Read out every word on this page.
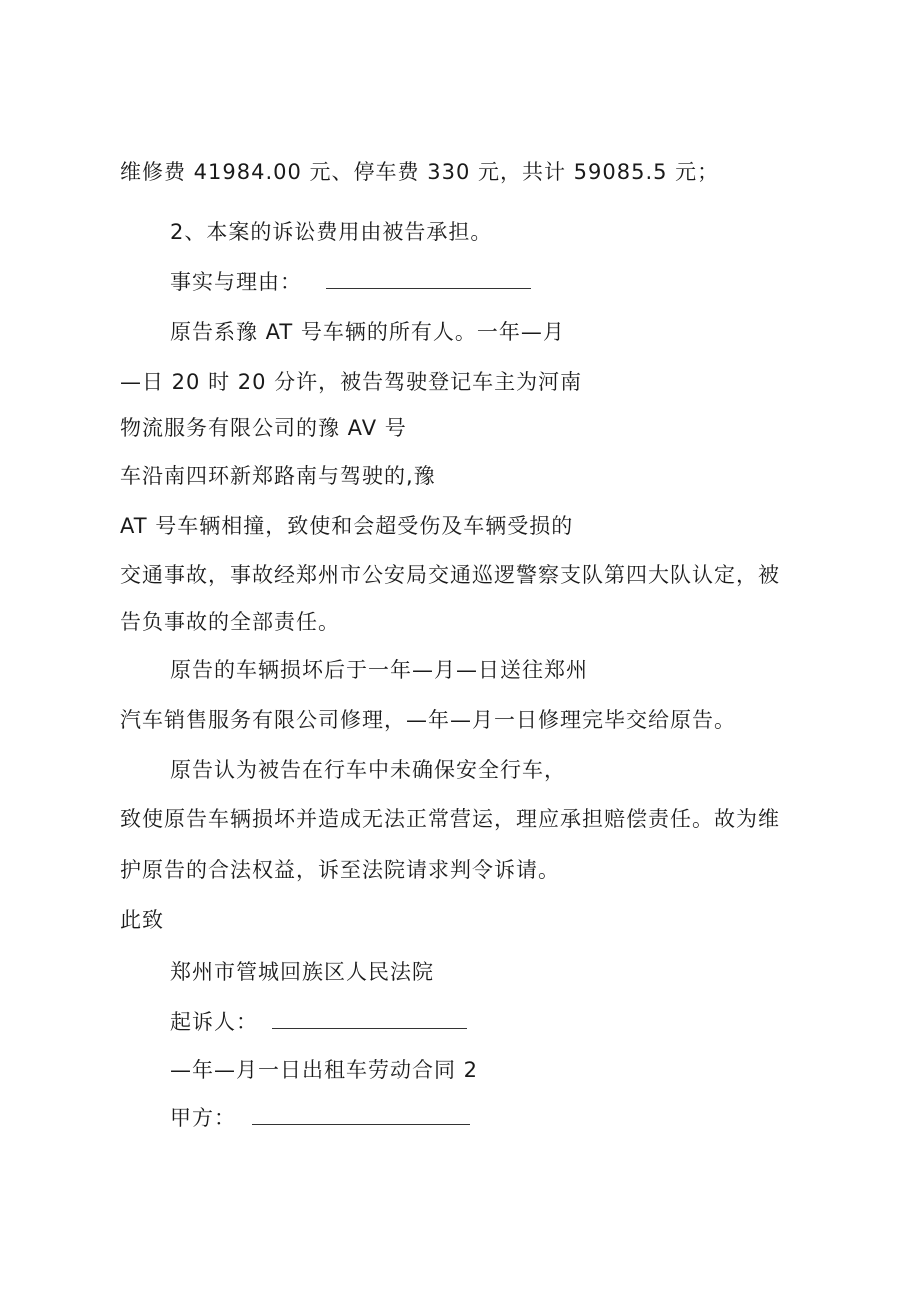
维修费 41984.00 元、停车费 330 元，共计 59085.5 元；
2、本案的诉讼费用由被告承担。
事实与理由：
原告系豫 AT 号车辆的所有人。一年—月
—日 20 时 20 分许，被告驾驶登记车主为河南
物流服务有限公司的豫 AV 号
车沿南四环新郑路南与驾驶的,豫
AT 号车辆相撞，致使和会超受伤及车辆受损的
交通事故，事故经郑州市公安局交通巡逻警察支队第四大队认定，被
告负事故的全部责任。
原告的车辆损坏后于一年—月—日送往郑州
汽车销售服务有限公司修理，—年—月一日修理完毕交给原告。
原告认为被告在行车中未确保安全行车，
致使原告车辆损坏并造成无法正常营运，理应承担赔偿责任。故为维
护原告的合法权益，诉至法院请求判令诉请。
此致
郑州市管城回族区人民法院
起诉人：
—年—月一日出租车劳动合同 2
甲方：
